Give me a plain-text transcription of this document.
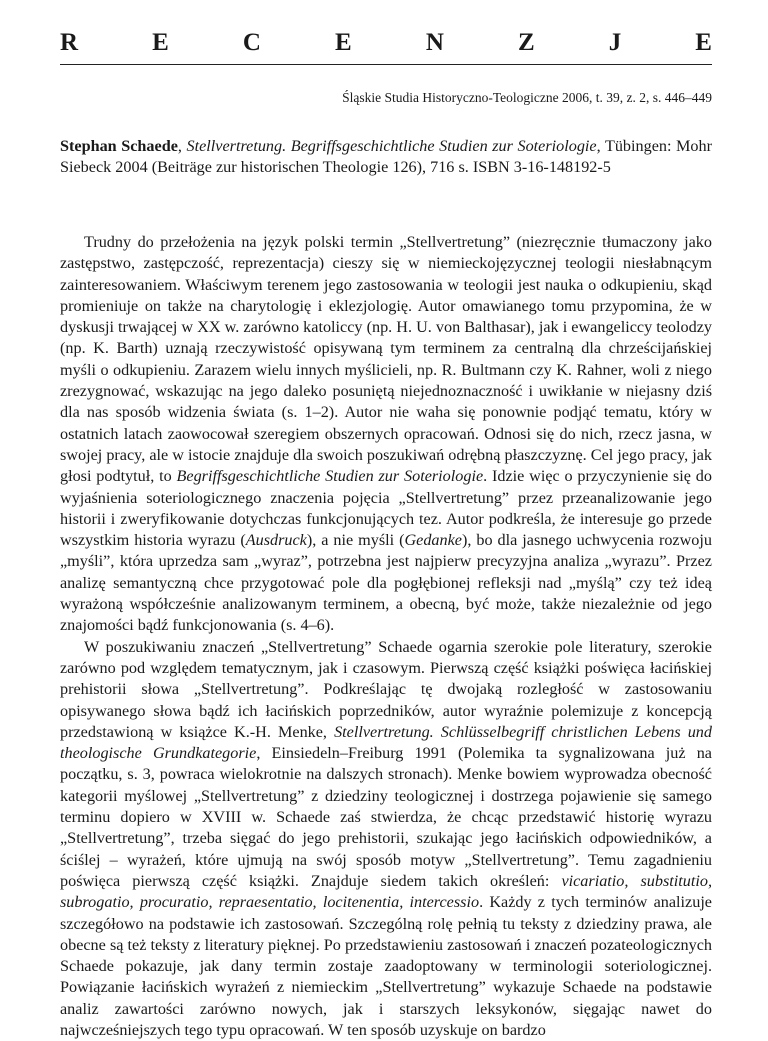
R	E	C	E	N	Z	J	E
Śląskie Studia Historyczno-Teologiczne 2006, t. 39, z. 2, s. 446–449
Stephan Schaede, Stellvertretung. Begriffsgeschichtliche Studien zur Soteriologie, Tübingen: Mohr Siebeck 2004 (Beiträge zur historischen Theologie 126), 716 s. ISBN 3-16-148192-5

Trudny do przełożenia na język polski termin „Stellvertretung” (niezręcznie tłumaczony jako zastępstwo, zastępczość, reprezentacja) cieszy się w niemieckojęzycznej teologii niesłabnącym zainteresowaniem. Właściwym terenem jego zastosowania w teologii jest nauka o odkupieniu, skąd promieniuje on także na charytologię i eklezjologię. Autor omawianego tomu przypomina, że w dyskusji trwającej w XX w. zarówno katoliccy (np. H. U. von Balthasar), jak i ewangeliccy teolodzy (np. K. Barth) uznają rzeczywistość opisywaną tym terminem za centralną dla chrześcijańskiej myśli o odkupieniu. Zarazem wielu innych myślicieli, np. R. Bultmann czy K. Rahner, woli z niego zrezygnować, wskazując na jego daleko posuniętą niejednoznaczność i uwikłanie w niejasny dziś dla nas sposób widzenia świata (s. 1–2). Autor nie waha się ponownie podjąć tematu, który w ostatnich latach zaowocował szeregiem obszernych opracowań. Odnosi się do nich, rzecz jasna, w swojej pracy, ale w istocie znajduje dla swoich poszukiwań odrębną płaszczyznę. Cel jego pracy, jak głosi podtytuł, to Begriffsgeschichtliche Studien zur Soteriologie. Idzie więc o przyczynienie się do wyjaśnienia soteriologicznego znaczenia pojęcia „Stellvertretung” przez przeanalizowanie jego historii i zweryfikowanie dotychczas funkcjonujących tez. Autor podkreśla, że interesuje go przede wszystkim historia wyrazu (Ausdruck), a nie myśli (Gedanke), bo dla jasnego uchwycenia rozwoju „myśli”, która uprzedza sam „wyraz”, potrzebna jest najpierw precyzyjna analiza „wyrazu”. Przez analizę semantyczną chce przygotować pole dla pogłębionej refleksji nad „myślą” czy też ideą wyrażoną współcześnie analizowanym terminem, a obecną, być może, także niezależnie od jego znajomości bądź funkcjonowania (s. 4–6).

W poszukiwaniu znaczeń „Stellvertretung” Schaede ogarnia szerokie pole literatury, szerokie zarówno pod względem tematycznym, jak i czasowym. Pierwszą część książki poświęca łacińskiej prehistorii słowa „Stellvertretung”. Podkreślając tę dwojaką rozległość w zastosowaniu opisywanego słowa bądź ich łacińskich poprzedników, autor wyraźnie polemizuje z koncepcją przedstawioną w książce K.-H. Menke, Stellvertretung. Schlüsselbegriff christlichen Lebens und theologische Grundkategorie, Einsiedeln–Freiburg 1991 (Polemika ta sygnalizowana już na początku, s. 3, powraca wielokrotnie na dalszych stronach). Menke bowiem wyprowadza obecność kategorii myślowej „Stellvertretung” z dziedziny teologicznej i dostrzega pojawienie się samego terminu dopiero w XVIII w. Schaede zaś stwierdza, że chcąc przedstawić historię wyrazu „Stellvertretung”, trzeba sięgać do jego prehistorii, szukając jego łacińskich odpowiedników, a ściślej – wyrażeń, które ujmują na swój sposób motyw „Stellvertretung”. Temu zagadnieniu poświęca pierwszą część książki. Znajduje siedem takich określeń: vicariatio, substitutio, subrogatio, procuratio, repraesentatio, locitenentia, intercessio. Każdy z tych terminów analizuje szczegółowo na podstawie ich zastosowań. Szczególną rolę pełnią tu teksty z dziedziny prawa, ale obecne są też teksty z literatury pięknej. Po przedstawieniu zastosowań i znaczeń pozateologicznych Schaede pokazuje, jak dany termin zostaje zaadoptowany w terminologii soteriologicznej. Powiązanie łacińskich wyrażeń z niemieckim „Stellvertretung” wykazuje Schaede na podstawie analiz zawartości zarówno nowych, jak i starszych leksykonów, sięgając nawet do najwcześniejszych tego typu opracowań. W ten sposób uzyskuje on bardzo
